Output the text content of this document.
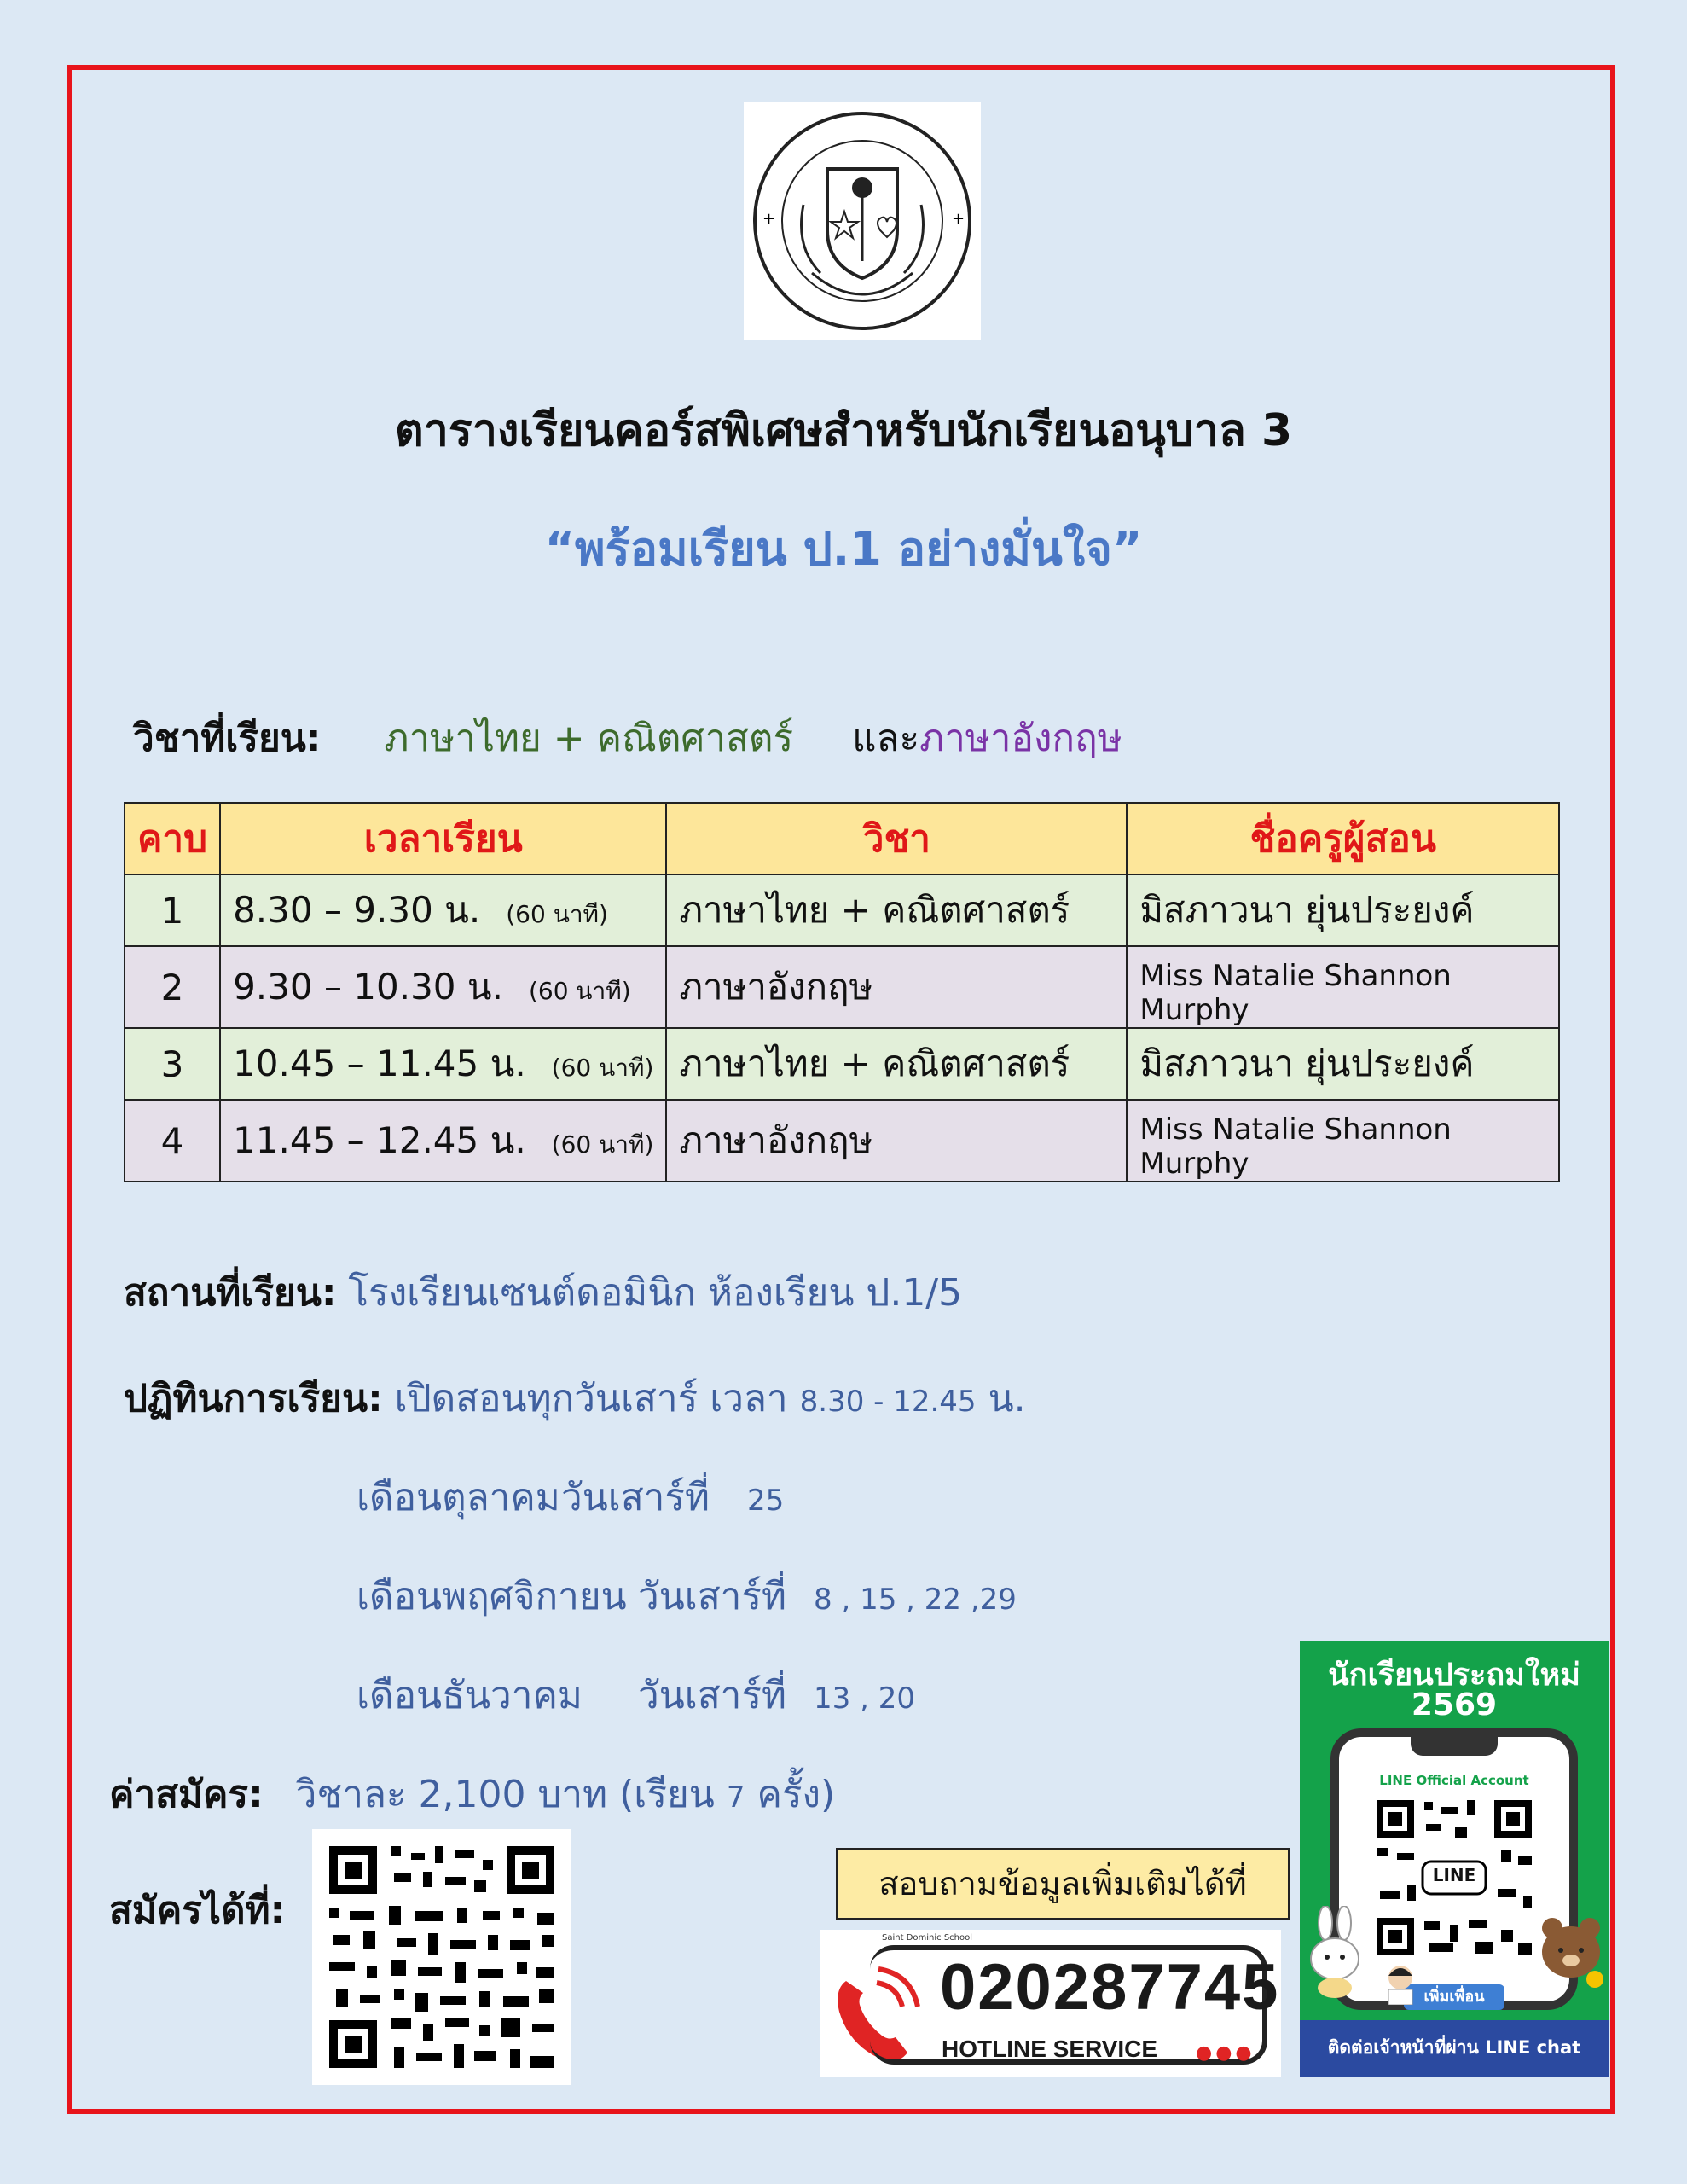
+	+
ตารางเรียนคอร์สพิเศษสำหรับนักเรียนอนุบาล 3
“พร้อมเรียน ป.1 อย่างมั่นใจ”
วิชาที่เรียน: ภาษาไทย + คณิตศาสตร์ และภาษาอังกฤษ
คาบ	เวลาเรียน	วิชา	ชื่อครูผู้สอน
1	8.30 – 9.30 น. (60 นาที)	ภาษาไทย + คณิตศาสตร์	มิสภาวนา ยุ่นประยงค์
2	9.30 – 10.30 น. (60 นาที)	ภาษาอังกฤษ	Miss Natalie Shannon Murphy
3	10.45 – 11.45 น. (60 นาที)	ภาษาไทย + คณิตศาสตร์	มิสภาวนา ยุ่นประยงค์
4	11.45 – 12.45 น. (60 นาที)	ภาษาอังกฤษ	Miss Natalie Shannon Murphy
สถานที่เรียน: โรงเรียนเซนต์ดอมินิก ห้องเรียน ป.1/5
ปฏิทินการเรียน: เปิดสอนทุกวันเสาร์ เวลา 8.30 - 12.45 น.
เดือนตุลาคมวันเสาร์ที่ 25
เดือนพฤศจิกายน วันเสาร์ที่ 8 , 15 , 22 ,29
เดือนธันวาคม วันเสาร์ที่ 13 , 20
ค่าสมัคร: วิชาละ 2,100 บาท (เรียน 7 ครั้ง)
สมัครได้ที่:
สอบถามข้อมูลเพิ่มเติมได้ที่
Saint Dominic School
020287745
HOTLINE SERVICE ●●●
นักเรียนประถมใหม่
2569
LINE Official Account
LINE
เพิ่มเพื่อน
ติดต่อเจ้าหน้าที่ผ่าน LINE chat
